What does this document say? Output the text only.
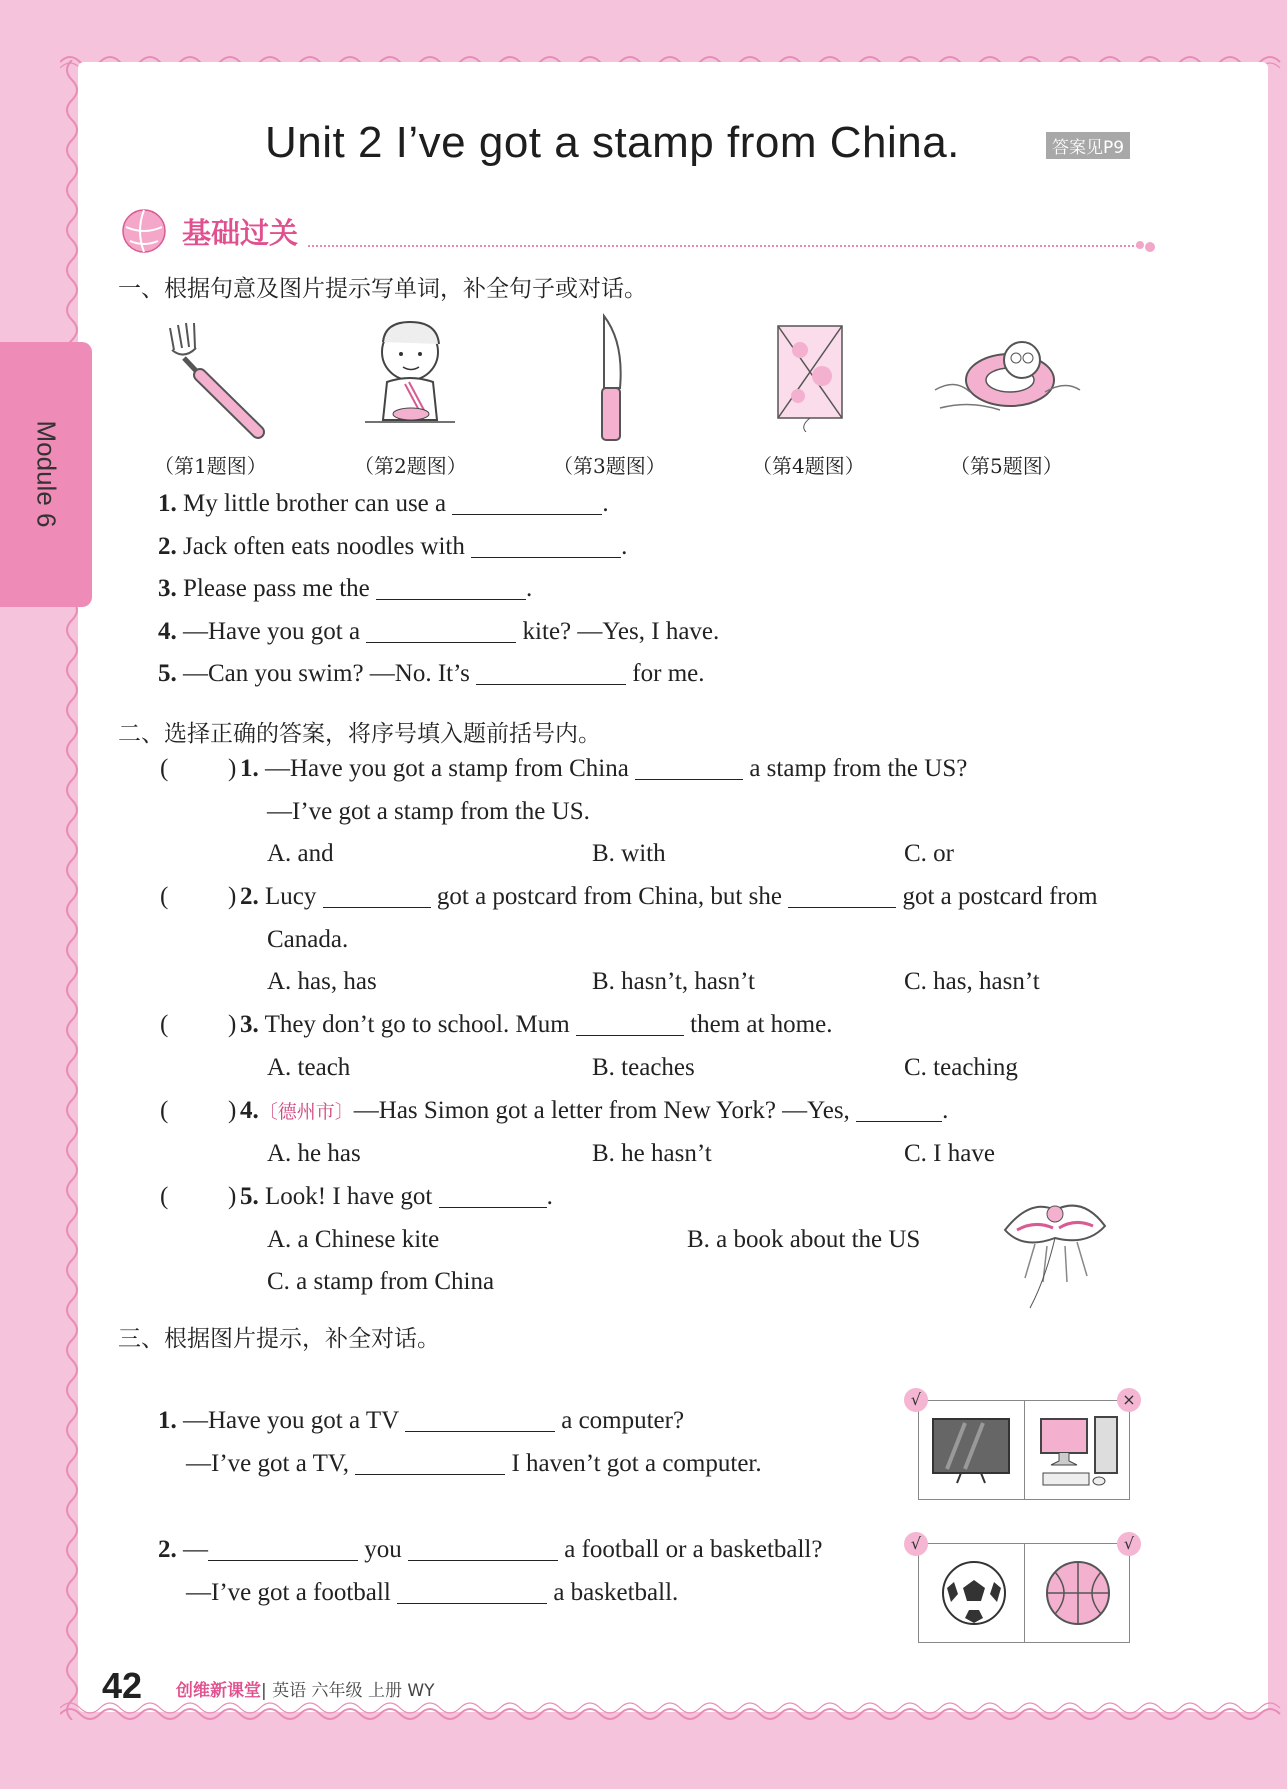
Module 6
Unit 2 I’ve got a stamp from China.	答案见P9
基础过关
一、根据句意及图片提示写单词，补全句子或对话。
（第1题图）	（第2题图）	（第3题图）	（第4题图）	（第5题图）
1. My little brother can use a	.
2. Jack often eats noodles with	.
3. Please pass me the	.
4. —Have you got a	kite? —Yes, I have.
5. —Can you swim? —No. It’s	for me.
二、选择正确的答案，将序号填入题前括号内。
( ) 1. —Have you got a stamp from China	a stamp from the US?
—I’ve got a stamp from the US.
A. and	B. with	C. or
( ) 2. Lucy	got a postcard from China, but she	got a postcard from
Canada.
A. has, has	B. hasn’t, hasn’t	C. has, hasn’t
( ) 3. They don’t go to school. Mum	them at home.
A. teach	B. teaches	C. teaching
( ) 4.〔德州市〕—Has Simon got a letter from New York? —Yes,	.
A. he has	B. he hasn’t	C. I have
( ) 5. Look! I have got	.
A. a Chinese kite	B. a book about the US
C. a stamp from China
三、根据图片提示，补全对话。
1. —Have you got a TV	a computer?
—I’ve got a TV,	I haven’t got a computer.
√	×
2. —	you	a football or a basketball?
—I’ve got a football	a basketball.
√	√
42 创维新课堂| 英语 六年级 上册 WY
